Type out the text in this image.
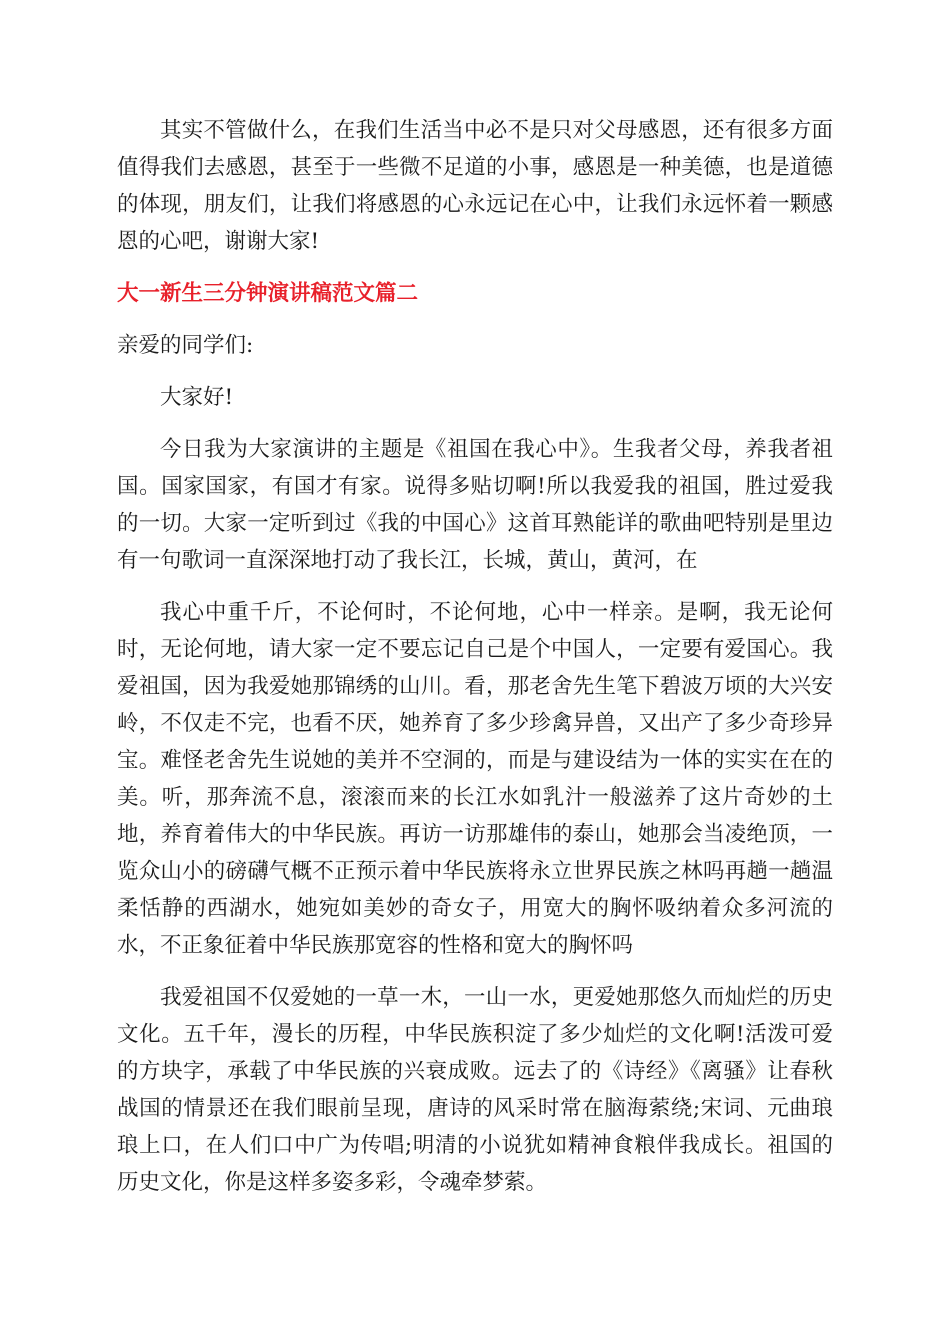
其实不管做什么，在我们生活当中必不是只对父母感恩，还有很多方面值得我们去感恩，甚至于一些微不足道的小事，感恩是一种美德，也是道德的体现，朋友们，让我们将感恩的心永远记在心中，让我们永远怀着一颗感恩的心吧，谢谢大家!

大一新生三分钟演讲稿范文篇二

亲爱的同学们:

大家好!

今日我为大家演讲的主题是《祖国在我心中》。生我者父母，养我者祖国。国家国家，有国才有家。说得多贴切啊!所以我爱我的祖国，胜过爱我的一切。大家一定听到过《我的中国心》这首耳熟能详的歌曲吧特别是里边有一句歌词一直深深地打动了我长江，长城，黄山，黄河，在

我心中重千斤，不论何时，不论何地，心中一样亲。是啊，我无论何时，无论何地，请大家一定不要忘记自己是个中国人，一定要有爱国心。我爱祖国，因为我爱她那锦绣的山川。看，那老舍先生笔下碧波万顷的大兴安岭，不仅走不完，也看不厌，她养育了多少珍禽异兽，又出产了多少奇珍异宝。难怪老舍先生说她的美并不空洞的，而是与建设结为一体的实实在在的美。听，那奔流不息，滚滚而来的长江水如乳汁一般滋养了这片奇妙的土地，养育着伟大的中华民族。再访一访那雄伟的泰山，她那会当凌绝顶，一览众山小的磅礴气概不正预示着中华民族将永立世界民族之林吗再趟一趟温柔恬静的西湖水，她宛如美妙的奇女子，用宽大的胸怀吸纳着众多河流的水，不正象征着中华民族那宽容的性格和宽大的胸怀吗

我爱祖国不仅爱她的一草一木，一山一水，更爱她那悠久而灿烂的历史文化。五千年，漫长的历程，中华民族积淀了多少灿烂的文化啊!活泼可爱的方块字，承载了中华民族的兴衰成败。远去了的《诗经》《离骚》让春秋战国的情景还在我们眼前呈现，唐诗的风采时常在脑海萦绕;宋词、元曲琅琅上口，在人们口中广为传唱;明清的小说犹如精神食粮伴我成长。祖国的历史文化，你是这样多姿多彩，令魂牵梦萦。
